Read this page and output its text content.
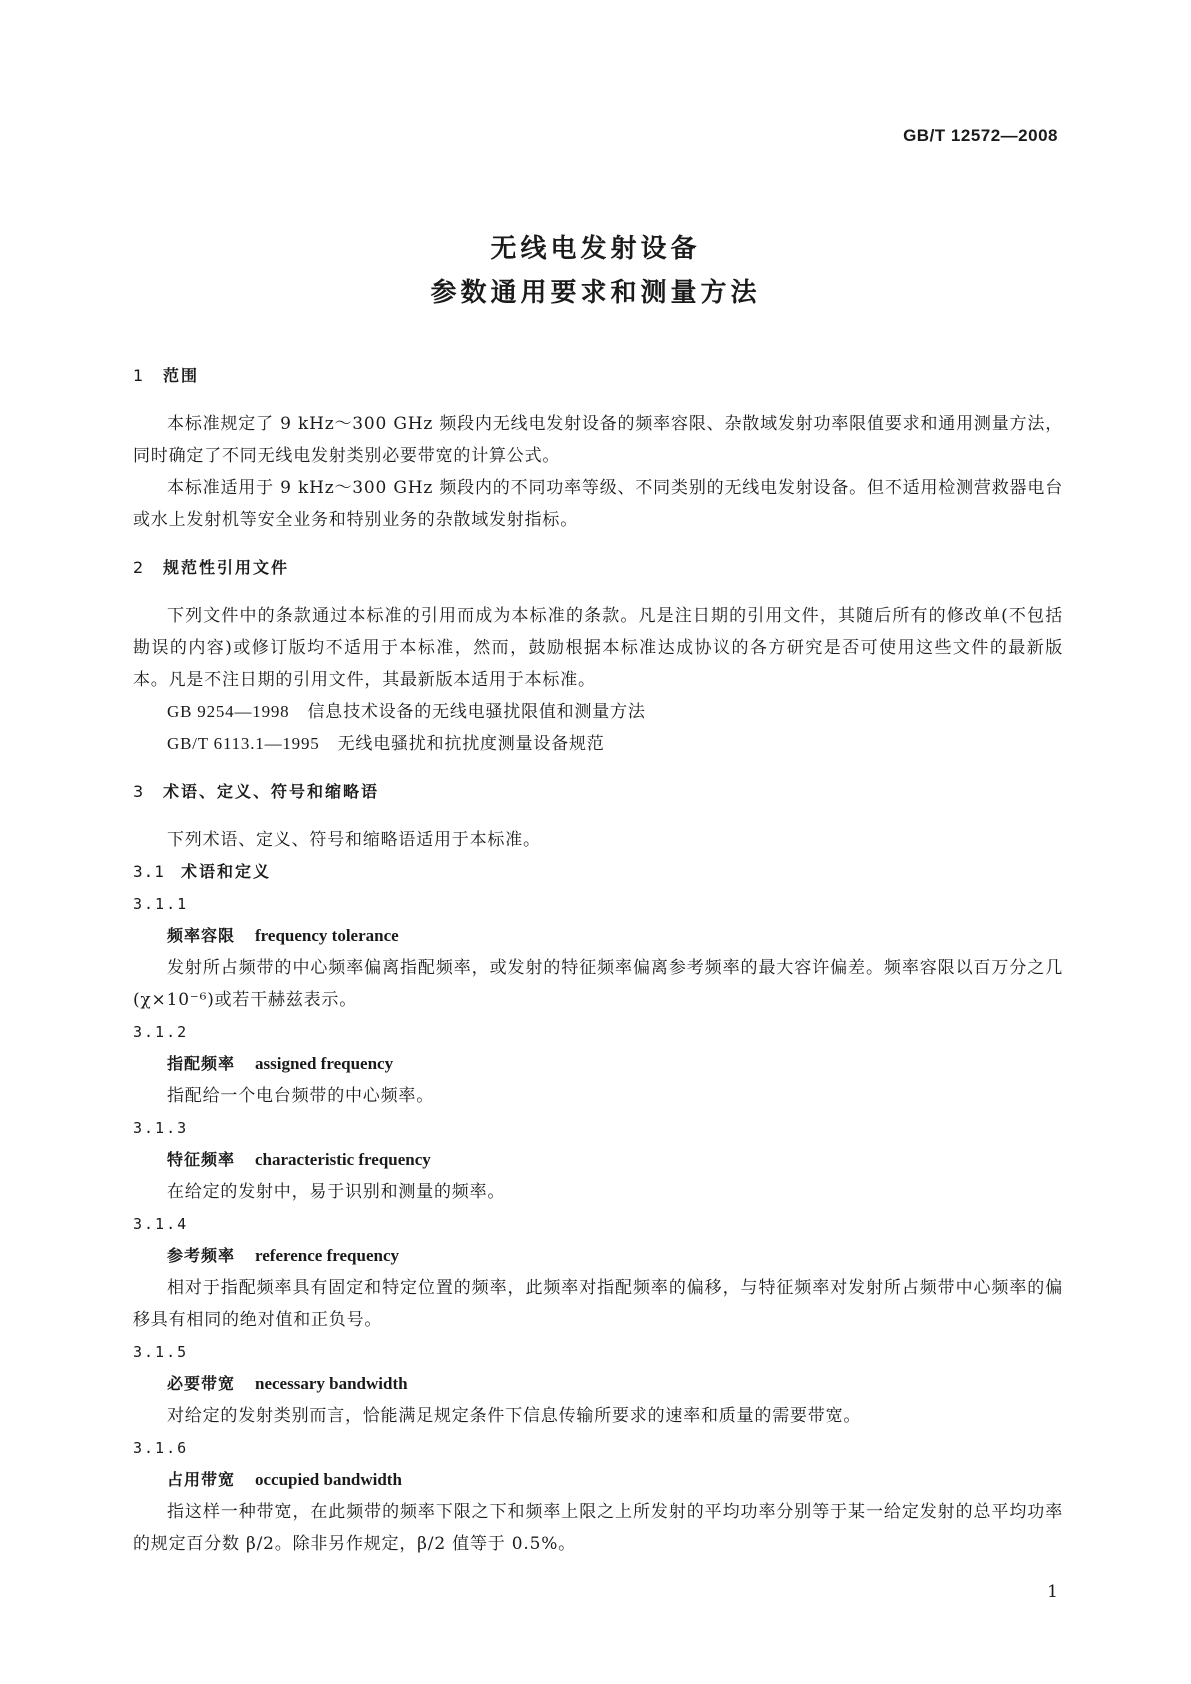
GB/T 12572—2008
无线电发射设备
参数通用要求和测量方法
1 范围
本标准规定了 9 kHz～300 GHz 频段内无线电发射设备的频率容限、杂散域发射功率限值要求和通用测量方法，同时确定了不同无线电发射类别必要带宽的计算公式。
本标准适用于 9 kHz～300 GHz 频段内的不同功率等级、不同类别的无线电发射设备。但不适用检测营救器电台或水上发射机等安全业务和特别业务的杂散域发射指标。
2 规范性引用文件
下列文件中的条款通过本标准的引用而成为本标准的条款。凡是注日期的引用文件，其随后所有的修改单(不包括勘误的内容)或修订版均不适用于本标准，然而，鼓励根据本标准达成协议的各方研究是否可使用这些文件的最新版本。凡是不注日期的引用文件，其最新版本适用于本标准。
GB 9254—1998 信息技术设备的无线电骚扰限值和测量方法
GB/T 6113.1—1995 无线电骚扰和抗扰度测量设备规范
3 术语、定义、符号和缩略语
下列术语、定义、符号和缩略语适用于本标准。
3.1 术语和定义
3.1.1
频率容限 frequency tolerance
发射所占频带的中心频率偏离指配频率，或发射的特征频率偏离参考频率的最大容许偏差。频率容限以百万分之几(χ×10⁻⁶)或若干赫兹表示。
3.1.2
指配频率 assigned frequency
指配给一个电台频带的中心频率。
3.1.3
特征频率 characteristic frequency
在给定的发射中，易于识别和测量的频率。
3.1.4
参考频率 reference frequency
相对于指配频率具有固定和特定位置的频率，此频率对指配频率的偏移，与特征频率对发射所占频带中心频率的偏移具有相同的绝对值和正负号。
3.1.5
必要带宽 necessary bandwidth
对给定的发射类别而言，恰能满足规定条件下信息传输所要求的速率和质量的需要带宽。
3.1.6
占用带宽 occupied bandwidth
指这样一种带宽，在此频带的频率下限之下和频率上限之上所发射的平均功率分别等于某一给定发射的总平均功率的规定百分数 β/2。除非另作规定，β/2 值等于 0.5%。
1
